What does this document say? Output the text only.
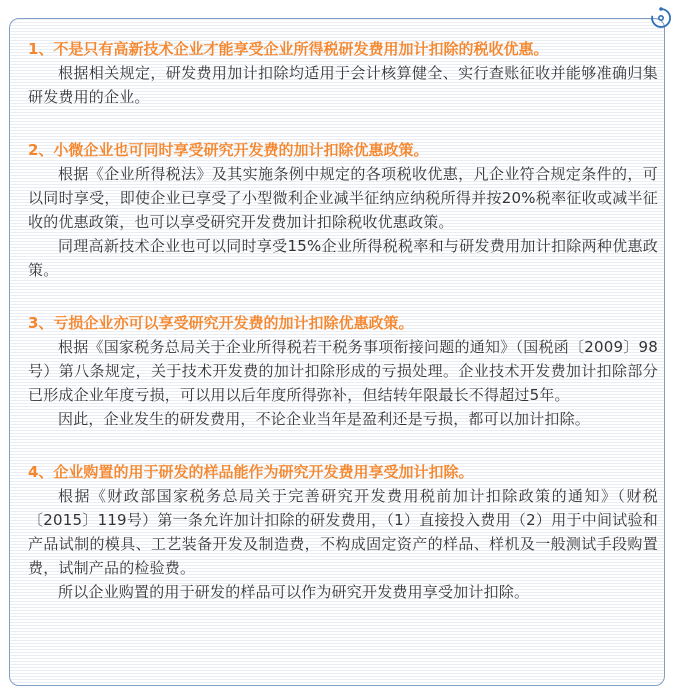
1、不是只有高新技术企业才能享受企业所得税研发费用加计扣除的税收优惠。

根据相关规定，研发费用加计扣除均适用于会计核算健全、实行查账征收并能够准确归集研发费用的企业。

2、小微企业也可同时享受研究开发费的加计扣除优惠政策。

根据《企业所得税法》及其实施条例中规定的各项税收优惠，凡企业符合规定条件的，可以同时享受，即使企业已享受了小型微利企业减半征纳应纳税所得并按20%税率征收或减半征收的优惠政策，也可以享受研究开发费加计扣除税收优惠政策。

同理高新技术企业也可以同时享受15%企业所得税税率和与研发费用加计扣除两种优惠政策。

3、亏损企业亦可以享受研究开发费的加计扣除优惠政策。

根据《国家税务总局关于企业所得税若干税务事项衔接问题的通知》（国税函〔2009〕98号）第八条规定，关于技术开发费的加计扣除形成的亏损处理。企业技术开发费加计扣除部分已形成企业年度亏损，可以用以后年度所得弥补，但结转年限最长不得超过5年。

因此，企业发生的研发费用，不论企业当年是盈利还是亏损，都可以加计扣除。

4、企业购置的用于研发的样品能作为研究开发费用享受加计扣除。

根据《财政部国家税务总局关于完善研究开发费用税前加计扣除政策的通知》（财税〔2015〕119号）第一条允许加计扣除的研发费用，（1）直接投入费用（2）用于中间试验和产品试制的模具、工艺装备开发及制造费，不构成固定资产的样品、样机及一般测试手段购置费，试制产品的检验费。

所以企业购置的用于研发的样品可以作为研究开发费用享受加计扣除。
